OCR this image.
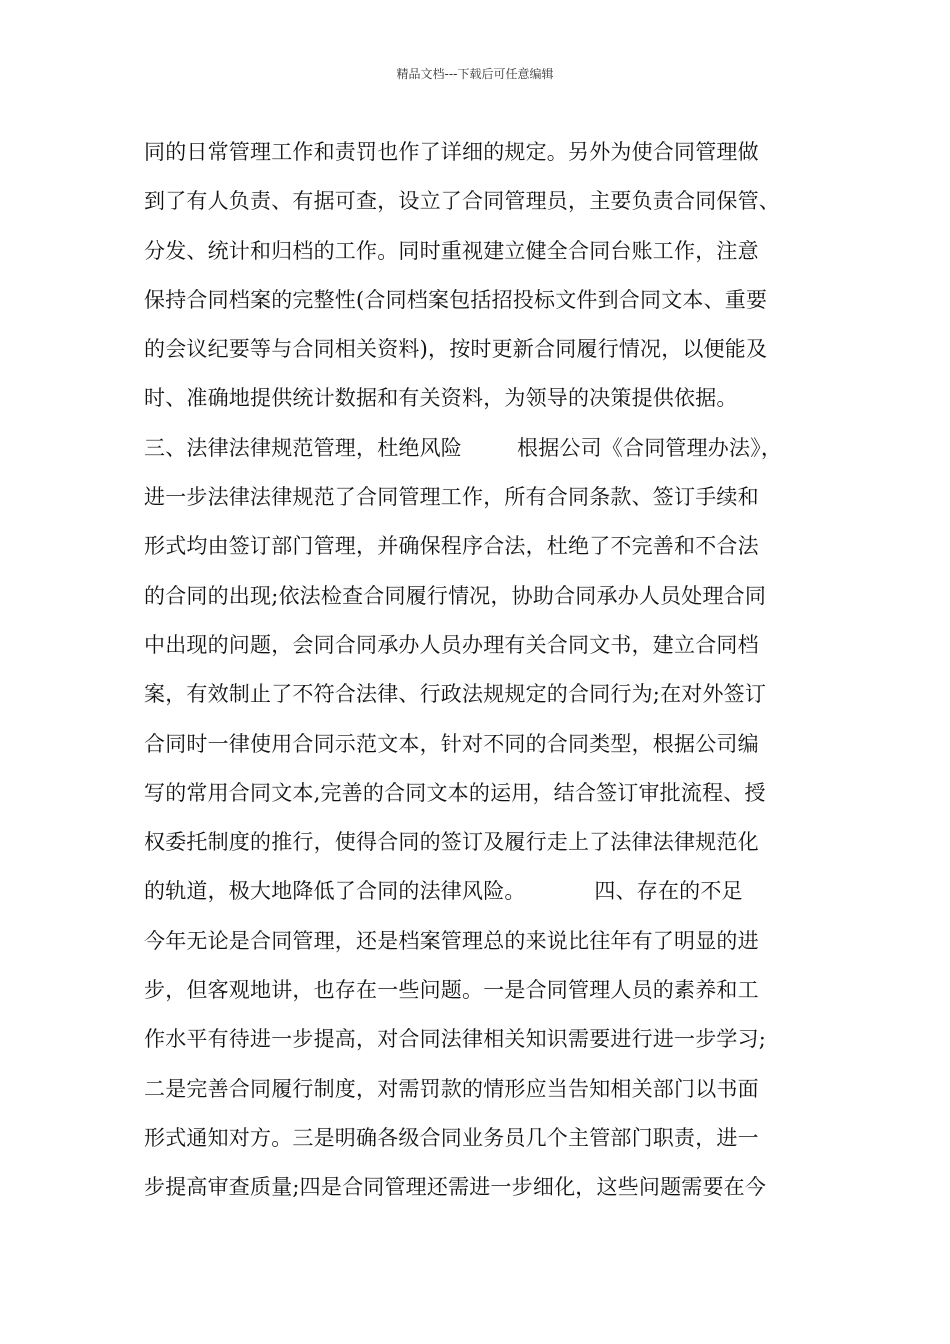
精品文档---下载后可任意编辑
同的日常管理工作和责罚也作了详细的规定。另外为使合同管理做
到了有人负责、有据可查，设立了合同管理员，主要负责合同保管、
分发、统计和归档的工作。同时重视建立健全合同台账工作，注意
保持合同档案的完整性(合同档案包括招投标文件到合同文本、重要
的会议纪要等与合同相关资料)，按时更新合同履行情况，以便能及
时、准确地提供统计数据和有关资料，为领导的决策提供依据。
三、法律法律规范管理，杜绝风险        根据公司《合同管理办法》，
进一步法律法律规范了合同管理工作，所有合同条款、签订手续和
形式均由签订部门管理，并确保程序合法，杜绝了不完善和不合法
的合同的出现;依法检查合同履行情况，协助合同承办人员处理合同
中出现的问题，会同合同承办人员办理有关合同文书，建立合同档
案，有效制止了不符合法律、行政法规规定的合同行为;在对外签订
合同时一律使用合同示范文本，针对不同的合同类型，根据公司编
写的常用合同文本,完善的合同文本的运用，结合签订审批流程、授
权委托制度的推行，使得合同的签订及履行走上了法律法律规范化
的轨道，极大地降低了合同的法律风险。          四、存在的不足
今年无论是合同管理，还是档案管理总的来说比往年有了明显的进
步，但客观地讲，也存在一些问题。一是合同管理人员的素养和工
作水平有待进一步提高，对合同法律相关知识需要进行进一步学习;
二是完善合同履行制度，对需罚款的情形应当告知相关部门以书面
形式通知对方。三是明确各级合同业务员几个主管部门职责，进一
步提高审查质量;四是合同管理还需进一步细化，这些问题需要在今
